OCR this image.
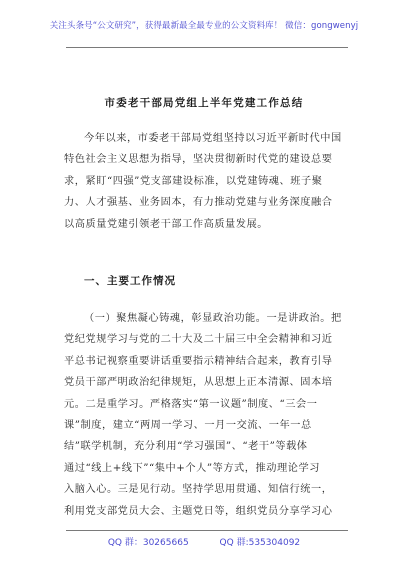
关注头条号“公文研究”，获得最新最全最专业的公文资料库！ 微信：gongwenyj
市委老干部局党组上半年党建工作总结
今年以来，市委老干部局党组坚持以习近平新时代中国
特色社会主义思想为指导，坚决贯彻新时代党的建设总要
求，紧盯“四强”党支部建设标准，以党建铸魂、班子聚
力、人才强基、业务固本，有力推动党建与业务深度融合
以高质量党建引领老干部工作高质量发展。
一、主要工作情况
（一）聚焦凝心铸魂，彰显政治功能。一是讲政治。把
党纪党规学习与党的二十大及二十届三中全会精神和习近
平总书记视察重要讲话重要指示精神结合起来，教育引导
党员干部严明政治纪律规矩，从思想上正本清源、固本培
元。二是重学习。严格落实“第一议题”制度、“三会一
课”制度，建立“两周一学习、一月一交流、一年一总
结”联学机制，充分利用“学习强国”、“老干”等载体
通过“线上+线下”“集中+个人”等方式，推动理论学习
入脑入心。三是见行动。坚持学思用贯通、知信行统一，
利用党支部党员大会、主题党日等，组织党员分享学习心
QQ 群：30265665	QQ 群:535304092
